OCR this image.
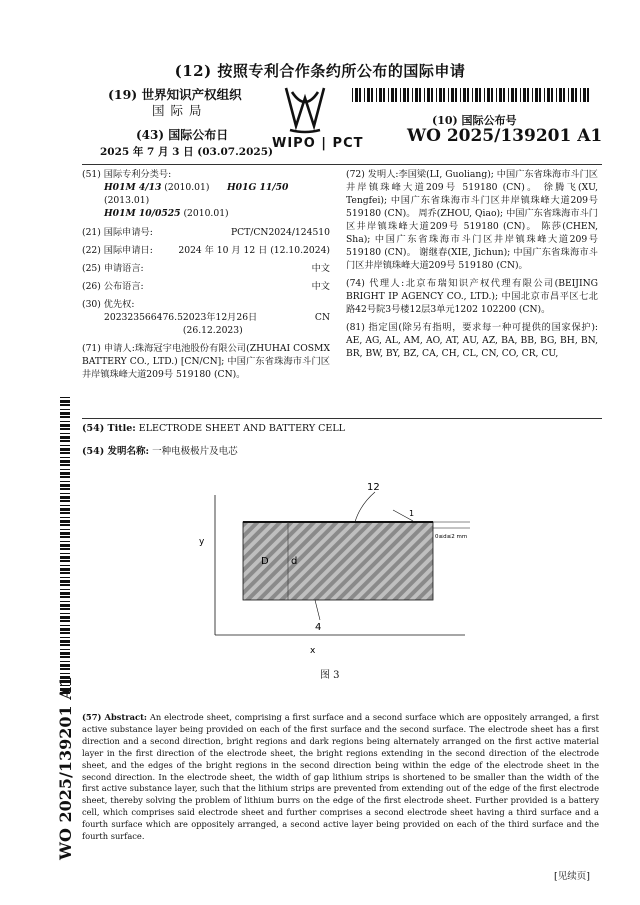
(12) 按照专利合作条约所公布的国际申请
(19) 世界知识产权组织
国际局
(43) 国际公布日
2025 年 7 月 3 日 (03.07.2025)
WIPO | PCT
(10) 国际公布号
WO 2025/139201 A1
(51) 国际专利分类号:
H01M 4/13 (2010.01) H01G 11/50 (2013.01)
H01M 10/0525 (2010.01)
(21) 国际申请号:	PCT/CN2024/124510
(22) 国际申请日:	2024 年 10 月 12 日 (12.10.2024)
(25) 申请语言:	中文
(26) 公布语言:	中文
(30) 优先权:
202323566476.5 2023年12月26日 (26.12.2023)
CN
(71) 申请人:珠海冠宇电池股份有限公司(ZHUHAI COSMX BATTERY CO., LTD.) [CN/CN]; 中国广东省珠海市斗门区井岸镇珠峰大道209号 519180 (CN)。
(72) 发明人:李国梁(LI, Guoliang); 中国广东省珠海市斗门区井岸镇珠峰大道209号 519180 (CN)。 徐腾飞(XU, Tengfei); 中国广东省珠海市斗门区井岸镇珠峰大道209号 519180 (CN)。 周乔(ZHOU, Qiao); 中国广东省珠海市斗门区井岸镇珠峰大道209号 519180 (CN)。 陈莎(CHEN, Sha); 中国广东省珠海市斗门区井岸镇珠峰大道209号 519180 (CN)。 谢继春(XIE, Jichun); 中国广东省珠海市斗门区井岸镇珠峰大道209号 519180 (CN)。
(74) 代理人:北京布瑞知识产权代理有限公司(BEIJING BRIGHT IP AGENCY CO., LTD.); 中国北京市昌平区七北路42号院3号楼12层3单元1202 102200 (CN)。
(81) 指定国(除另有指明，要求每一种可提供的国家保护): AE, AG, AL, AM, AO, AT, AU, AZ, BA, BB, BG, BH, BN, BR, BW, BY, BZ, CA, CH, CL, CN, CO, CR, CU,
WO 2025/139201 A1
(54) Title: ELECTRODE SHEET AND BATTERY CELL
(54) 发明名称: 一种电极极片及电芯
12
1
4
y
x
D d
0≤d≤2 mm
图 3
(57) Abstract: An electrode sheet, comprising a first surface and a second surface which are oppositely arranged, a first active substance layer being provided on each of the first surface and the second surface. The electrode sheet has a first direction and a second direction, bright regions and dark regions being alternately arranged on the first active material layer in the first direction of the electrode sheet, the bright regions extending in the second direction of the electrode sheet, and the edges of the bright regions in the second direction being within the edge of the electrode sheet in the second direction. In the electrode sheet, the width of gap lithium strips is shortened to be smaller than the width of the first active substance layer, such that the lithium strips are prevented from extending out of the edge of the first electrode sheet, thereby solving the problem of lithium burrs on the edge of the first electrode sheet. Further provided is a battery cell, which comprises said electrode sheet and further comprises a second electrode sheet having a third surface and a fourth surface which are oppositely arranged, a second active layer being provided on each of the third surface and the fourth surface.
[见续页]
